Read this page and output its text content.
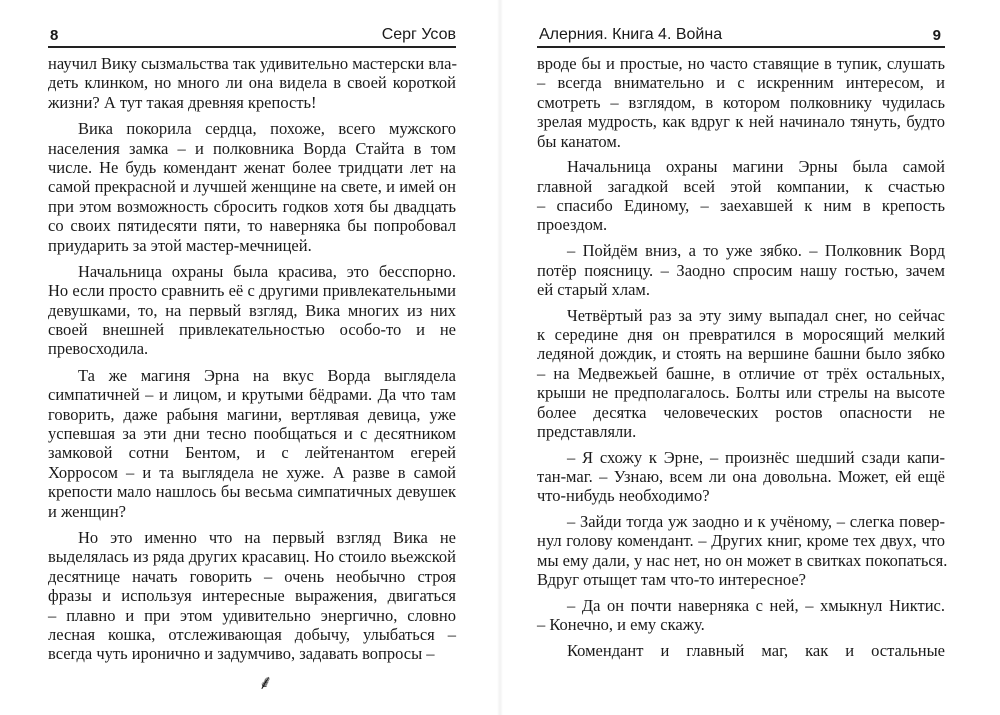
8	Серг Усов
научил Вику сызмальства так удивительно мастерски вла-
деть клинком, но много ли она видела в своей короткой
жизни? А тут такая древняя крепость!
Вика покорила сердца, похоже, всего мужского
населения замка – и полковника Ворда Стайта в том
числе. Не будь комендант женат более тридцати лет на
самой прекрасной и лучшей женщине на свете, и имей он
при этом возможность сбросить годков хотя бы двадцать
со своих пятидесяти пяти, то наверняка бы попробовал
приударить за этой мастер-мечницей.
Начальница охраны была красива, это бесспорно.
Но если просто сравнить её с другими привлекательными
девушками, то, на первый взгляд, Вика многих из них
своей внешней привлекательностью особо-то и не
превосходила.
Та же магиня Эрна на вкус Ворда выглядела
симпатичней – и лицом, и крутыми бёдрами. Да что там
говорить, даже рабыня магини, вертлявая девица, уже
успевшая за эти дни тесно пообщаться и с десятником
замковой сотни Бентом, и с лейтенантом егерей
Хорросом – и та выглядела не хуже. А разве в самой
крепости мало нашлось бы весьма симпатичных девушек
и женщин?
Но это именно что на первый взгляд Вика не
выделялась из ряда других красавиц. Но стоило вьежской
десятнице начать говорить – очень необычно строя
фразы и используя интересные выражения, двигаться
– плавно и при этом удивительно энергично, словно
лесная кошка, отслеживающая добычу, улыбаться –
всегда чуть иронично и задумчиво, задавать вопросы –
⸙
Алерния. Книга 4. Война	9
вроде бы и простые, но часто ставящие в тупик, слушать
– всегда внимательно и с искренним интересом, и
смотреть – взглядом, в котором полковнику чудилась
зрелая мудрость, как вдруг к ней начинало тянуть, будто
бы канатом.
Начальница охраны магини Эрны была самой
главной загадкой всей этой компании, к счастью
– спасибо Единому, – заехавшей к ним в крепость
проездом.
– Пойдём вниз, а то уже зябко. – Полковник Ворд
потёр поясницу. – Заодно спросим нашу гостью, зачем
ей старый хлам.
Четвёртый раз за эту зиму выпадал снег, но сейчас
к середине дня он превратился в моросящий мелкий
ледяной дождик, и стоять на вершине башни было зябко
– на Медвежьей башне, в отличие от трёх остальных,
крыши не предполагалось. Болты или стрелы на высоте
более десятка человеческих ростов опасности не
представляли.
– Я схожу к Эрне, – произнёс шедший сзади капи-
тан-маг. – Узнаю, всем ли она довольна. Может, ей ещё
что-нибудь необходимо?
– Зайди тогда уж заодно и к учёному, – слегка повер-
нул голову комендант. – Других книг, кроме тех двух, что
мы ему дали, у нас нет, но он может в свитках покопаться.
Вдруг отыщет там что-то интересное?
– Да он почти наверняка с ней, – хмыкнул Никтис.
– Конечно, и ему скажу.
Комендант и главный маг, как и остальные
